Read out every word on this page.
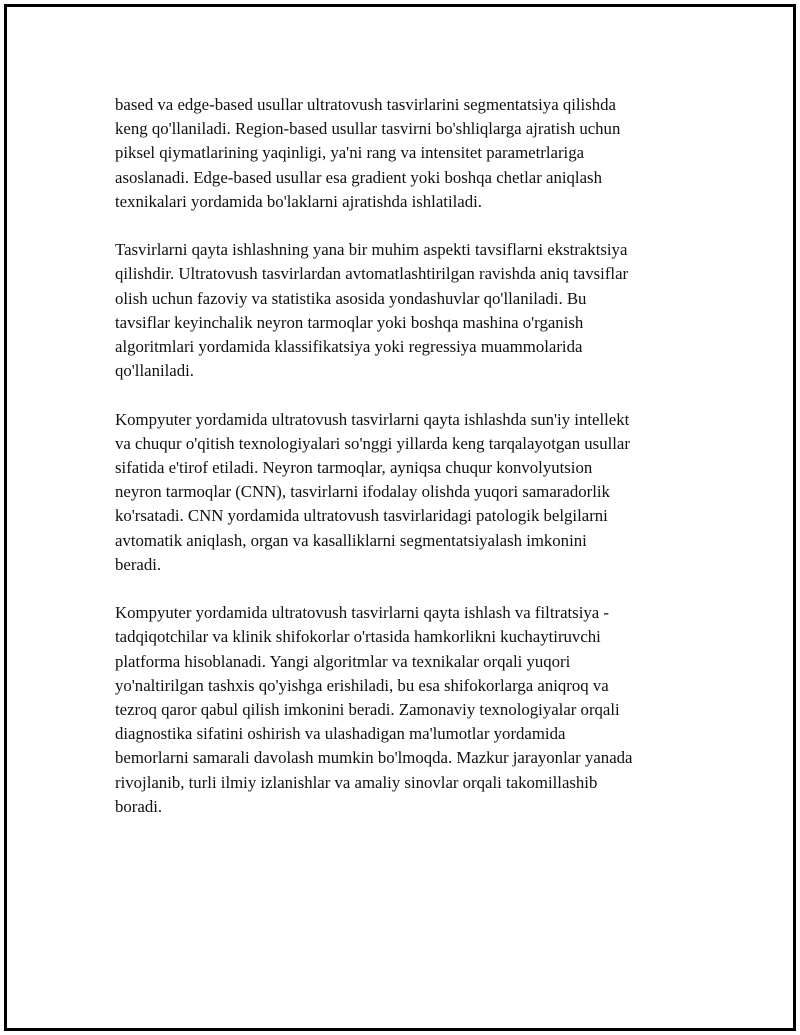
based va edge-based usullar ultratovush tasvirlarini segmentatsiya qilishda
keng qo'llaniladi. Region-based usullar tasvirni bo'shliqlarga ajratish uchun
piksel qiymatlarining yaqinligi, ya'ni rang va intensitet parametrlariga
asoslanadi. Edge-based usullar esa gradient yoki boshqa chetlar aniqlash
texnikalari yordamida bo'laklarni ajratishda ishlatiladi.

Tasvirlarni qayta ishlashning yana bir muhim aspekti tavsiflarni ekstraktsiya
qilishdir. Ultratovush tasvirlardan avtomatlashtirilgan ravishda aniq tavsiflar
olish uchun fazoviy va statistika asosida yondashuvlar qo'llaniladi. Bu
tavsiflar keyinchalik neyron tarmoqlar yoki boshqa mashina o'rganish
algoritmlari yordamida klassifikatsiya yoki regressiya muammolarida
qo'llaniladi.

Kompyuter yordamida ultratovush tasvirlarni qayta ishlashda sun'iy intellekt
va chuqur o'qitish texnologiyalari so'nggi yillarda keng tarqalayotgan usullar
sifatida e'tirof etiladi. Neyron tarmoqlar, ayniqsa chuqur konvolyutsion
neyron tarmoqlar (CNN), tasvirlarni ifodalay olishda yuqori samaradorlik
ko'rsatadi. CNN yordamida ultratovush tasvirlaridagi patologik belgilarni
avtomatik aniqlash, organ va kasalliklarni segmentatsiyalash imkonini
beradi.

Kompyuter yordamida ultratovush tasvirlarni qayta ishlash va filtratsiya -
tadqiqotchilar va klinik shifokorlar o'rtasida hamkorlikni kuchaytiruvchi
platforma hisoblanadi. Yangi algoritmlar va texnikalar orqali yuqori
yo'naltirilgan tashxis qo'yishga erishiladi, bu esa shifokorlarga aniqroq va
tezroq qaror qabul qilish imkonini beradi. Zamonaviy texnologiyalar orqali
diagnostika sifatini oshirish va ulashadigan ma'lumotlar yordamida
bemorlarni samarali davolash mumkin bo'lmoqda. Mazkur jarayonlar yanada
rivojlanib, turli ilmiy izlanishlar va amaliy sinovlar orqali takomillashib
boradi.
